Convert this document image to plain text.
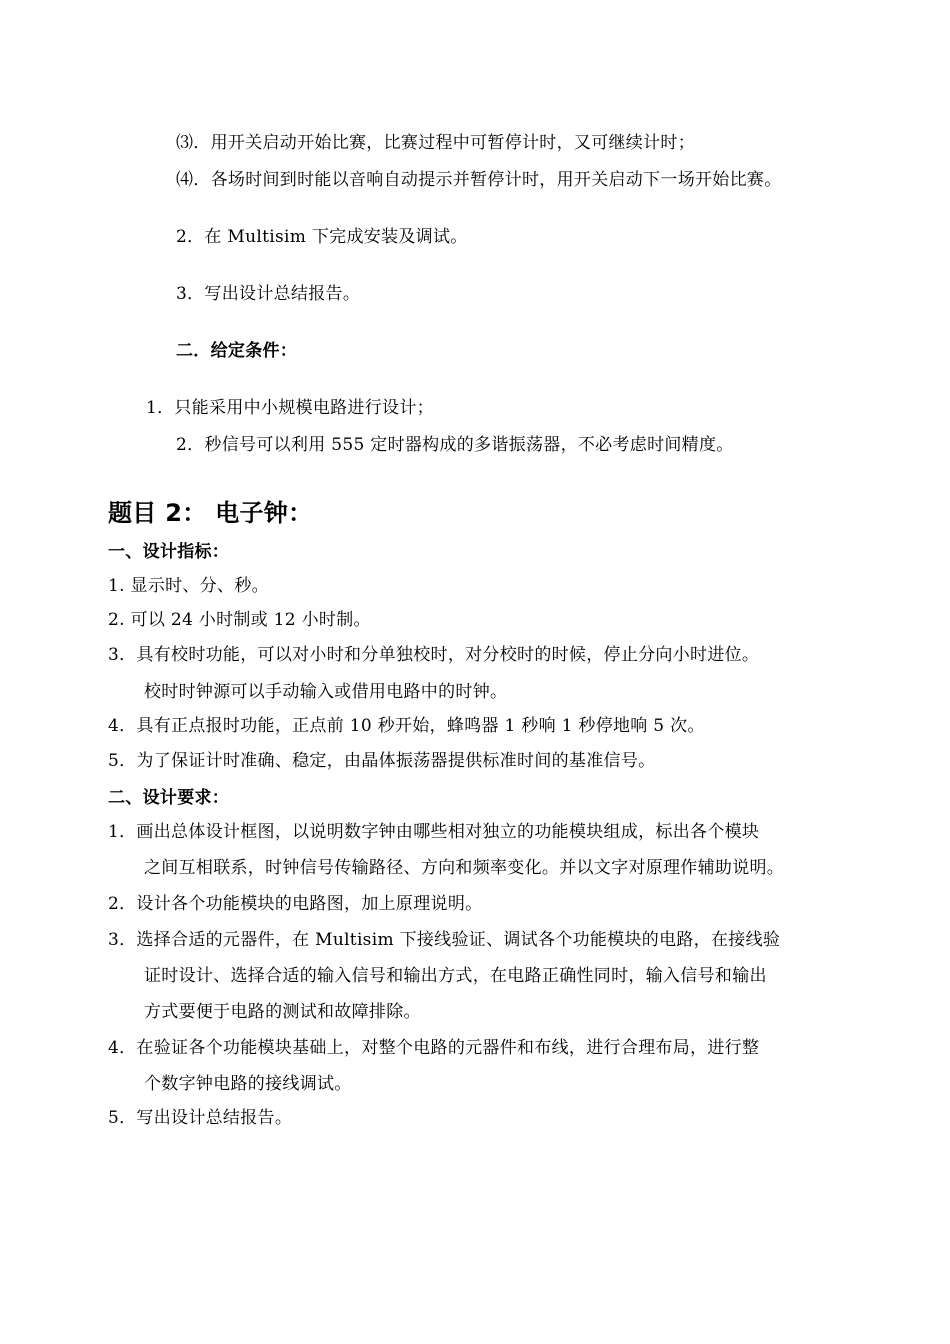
⑶．用开关启动开始比赛，比赛过程中可暂停计时，又可继续计时；
⑷．各场时间到时能以音响自动提示并暂停计时，用开关启动下一场开始比赛。
2．在 Multisim 下完成安装及调试。
3．写出设计总结报告。
二．给定条件：
1．只能采用中小规模电路进行设计；
2．秒信号可以利用 555 定时器构成的多谐振荡器，不必考虑时间精度。
题目 2： 电子钟：
一、设计指标：
1. 显示时、分、秒。
2. 可以 24 小时制或 12 小时制。
3．具有校时功能，可以对小时和分单独校时，对分校时的时候，停止分向小时进位。
校时时钟源可以手动输入或借用电路中的时钟。
4．具有正点报时功能，正点前 10 秒开始，蜂鸣器 1 秒响 1 秒停地响 5 次。
5．为了保证计时准确、稳定，由晶体振荡器提供标准时间的基准信号。
二、设计要求：
1．画出总体设计框图，以说明数字钟由哪些相对独立的功能模块组成，标出各个模块
之间互相联系，时钟信号传输路径、方向和频率变化。并以文字对原理作辅助说明。
2．设计各个功能模块的电路图，加上原理说明。
3．选择合适的元器件，在 Multisim 下接线验证、调试各个功能模块的电路，在接线验
证时设计、选择合适的输入信号和输出方式，在电路正确性同时，输入信号和输出
方式要便于电路的测试和故障排除。
4．在验证各个功能模块基础上，对整个电路的元器件和布线，进行合理布局，进行整
个数字钟电路的接线调试。
5．写出设计总结报告。
